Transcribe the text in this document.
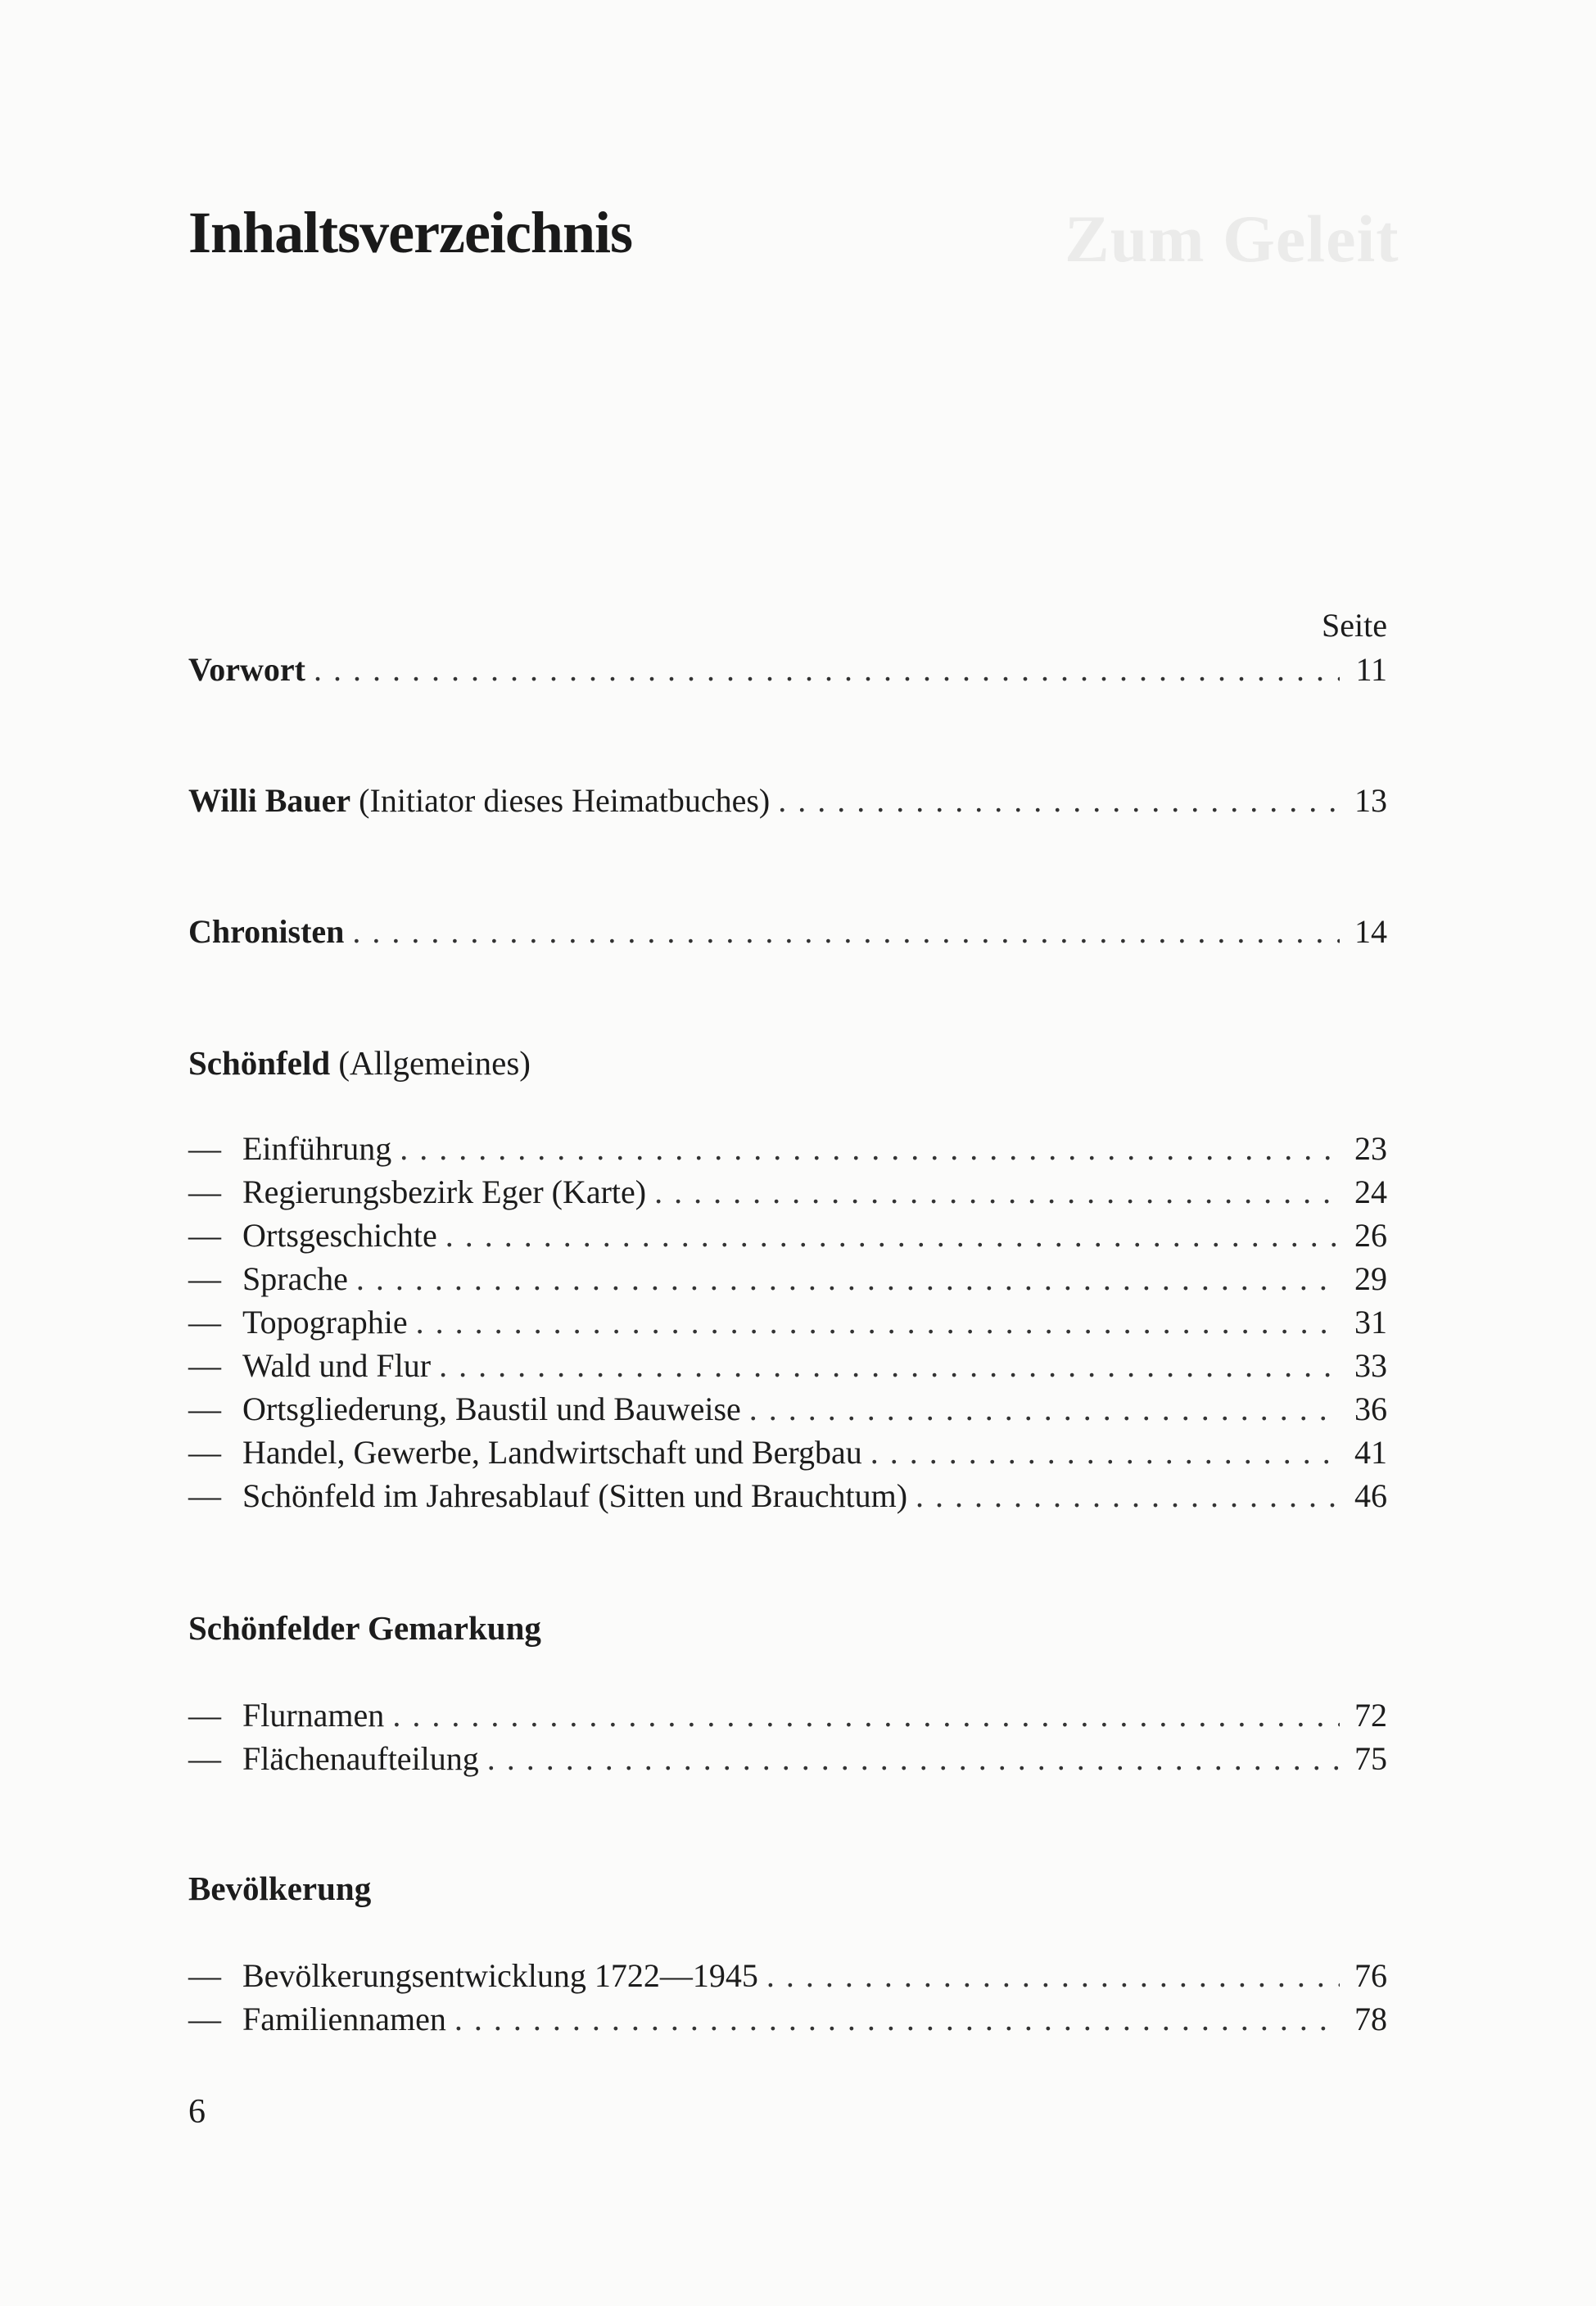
Zum Geleit
Inhaltsverzeichnis
Seite
Vorwort . . .	11
Willi Bauer (Initiator dieses Heimatbuches) . . .	13
Chronisten . . .	14
Schönfeld (Allgemeines)
— Einführung . . .	23
— Regierungsbezirk Eger (Karte) . . .	24
— Ortsgeschichte . . .	26
— Sprache . . .	29
— Topographie . . .	31
— Wald und Flur . . .	33
— Ortsgliederung, Baustil und Bauweise . . .	36
— Handel, Gewerbe, Landwirtschaft und Bergbau . . .	41
— Schönfeld im Jahresablauf (Sitten und Brauchtum) . . .	46
Schönfelder Gemarkung
— Flurnamen . . .	72
— Flächenaufteilung . . .	75
Bevölkerung
— Bevölkerungsentwicklung 1722—1945 . . .	76
— Familiennamen . . .	78
6
